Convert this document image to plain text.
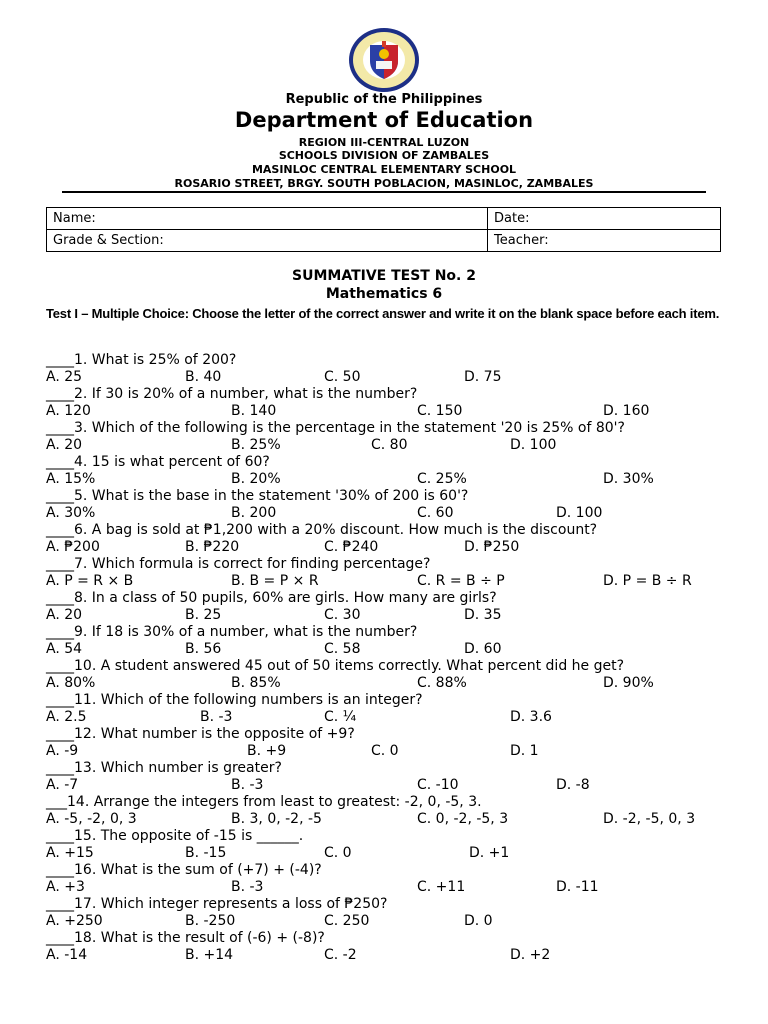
Republic of the Philippines
Department of Education
REGION III-CENTRAL LUZON
SCHOOLS DIVISION OF ZAMBALES
MASINLOC CENTRAL ELEMENTARY SCHOOL
ROSARIO STREET, BRGY. SOUTH POBLACION, MASINLOC, ZAMBALES
Name:	Date:
Grade & Section:	Teacher:
SUMMATIVE TEST No. 2
Mathematics 6
Test I – Multiple Choice: Choose the letter of the correct answer and write it on the blank space before each item.
____1. What is 25% of 200?
A. 25	B. 40	C. 50	D. 75
____2. If 30 is 20% of a number, what is the number?
A. 120	B. 140	C. 150	D. 160
____3. Which of the following is the percentage in the statement '20 is 25% of 80'?
A. 20	B. 25%	C. 80	D. 100
____4. 15 is what percent of 60?
A. 15%	B. 20%	C. 25%	D. 30%
____5. What is the base in the statement '30% of 200 is 60'?
A. 30%	B. 200	C. 60	D. 100
____6. A bag is sold at ₱1,200 with a 20% discount. How much is the discount?
A. ₱200	B. ₱220	C. ₱240	D. ₱250
____7. Which formula is correct for finding percentage?
A. P = R × B	B. B = P × R	C. R = B ÷ P	D. P = B ÷ R
____8. In a class of 50 pupils, 60% are girls. How many are girls?
A. 20	B. 25	C. 30	D. 35
____9. If 18 is 30% of a number, what is the number?
A. 54	B. 56	C. 58	D. 60
____10. A student answered 45 out of 50 items correctly. What percent did he get?
A. 80%	B. 85%	C. 88%	D. 90%
____11. Which of the following numbers is an integer?
A. 2.5	B. -3	C. ¼	D. 3.6
____12. What number is the opposite of +9?
A. -9	B. +9	C. 0	D. 1
____13. Which number is greater?
A. -7	B. -3	C. -10	D. -8
___14. Arrange the integers from least to greatest: -2, 0, -5, 3.
A. -5, -2, 0, 3	B. 3, 0, -2, -5	C. 0, -2, -5, 3	D. -2, -5, 0, 3
____15. The opposite of -15 is ______.
A. +15	B. -15	C. 0	D. +1
____16. What is the sum of (+7) + (-4)?
A. +3	B. -3	C. +11	D. -11
____17. Which integer represents a loss of ₱250?
A. +250	B. -250	C. 250	D. 0
____18. What is the result of (-6) + (-8)?
A. -14	B. +14	C. -2	D. +2
